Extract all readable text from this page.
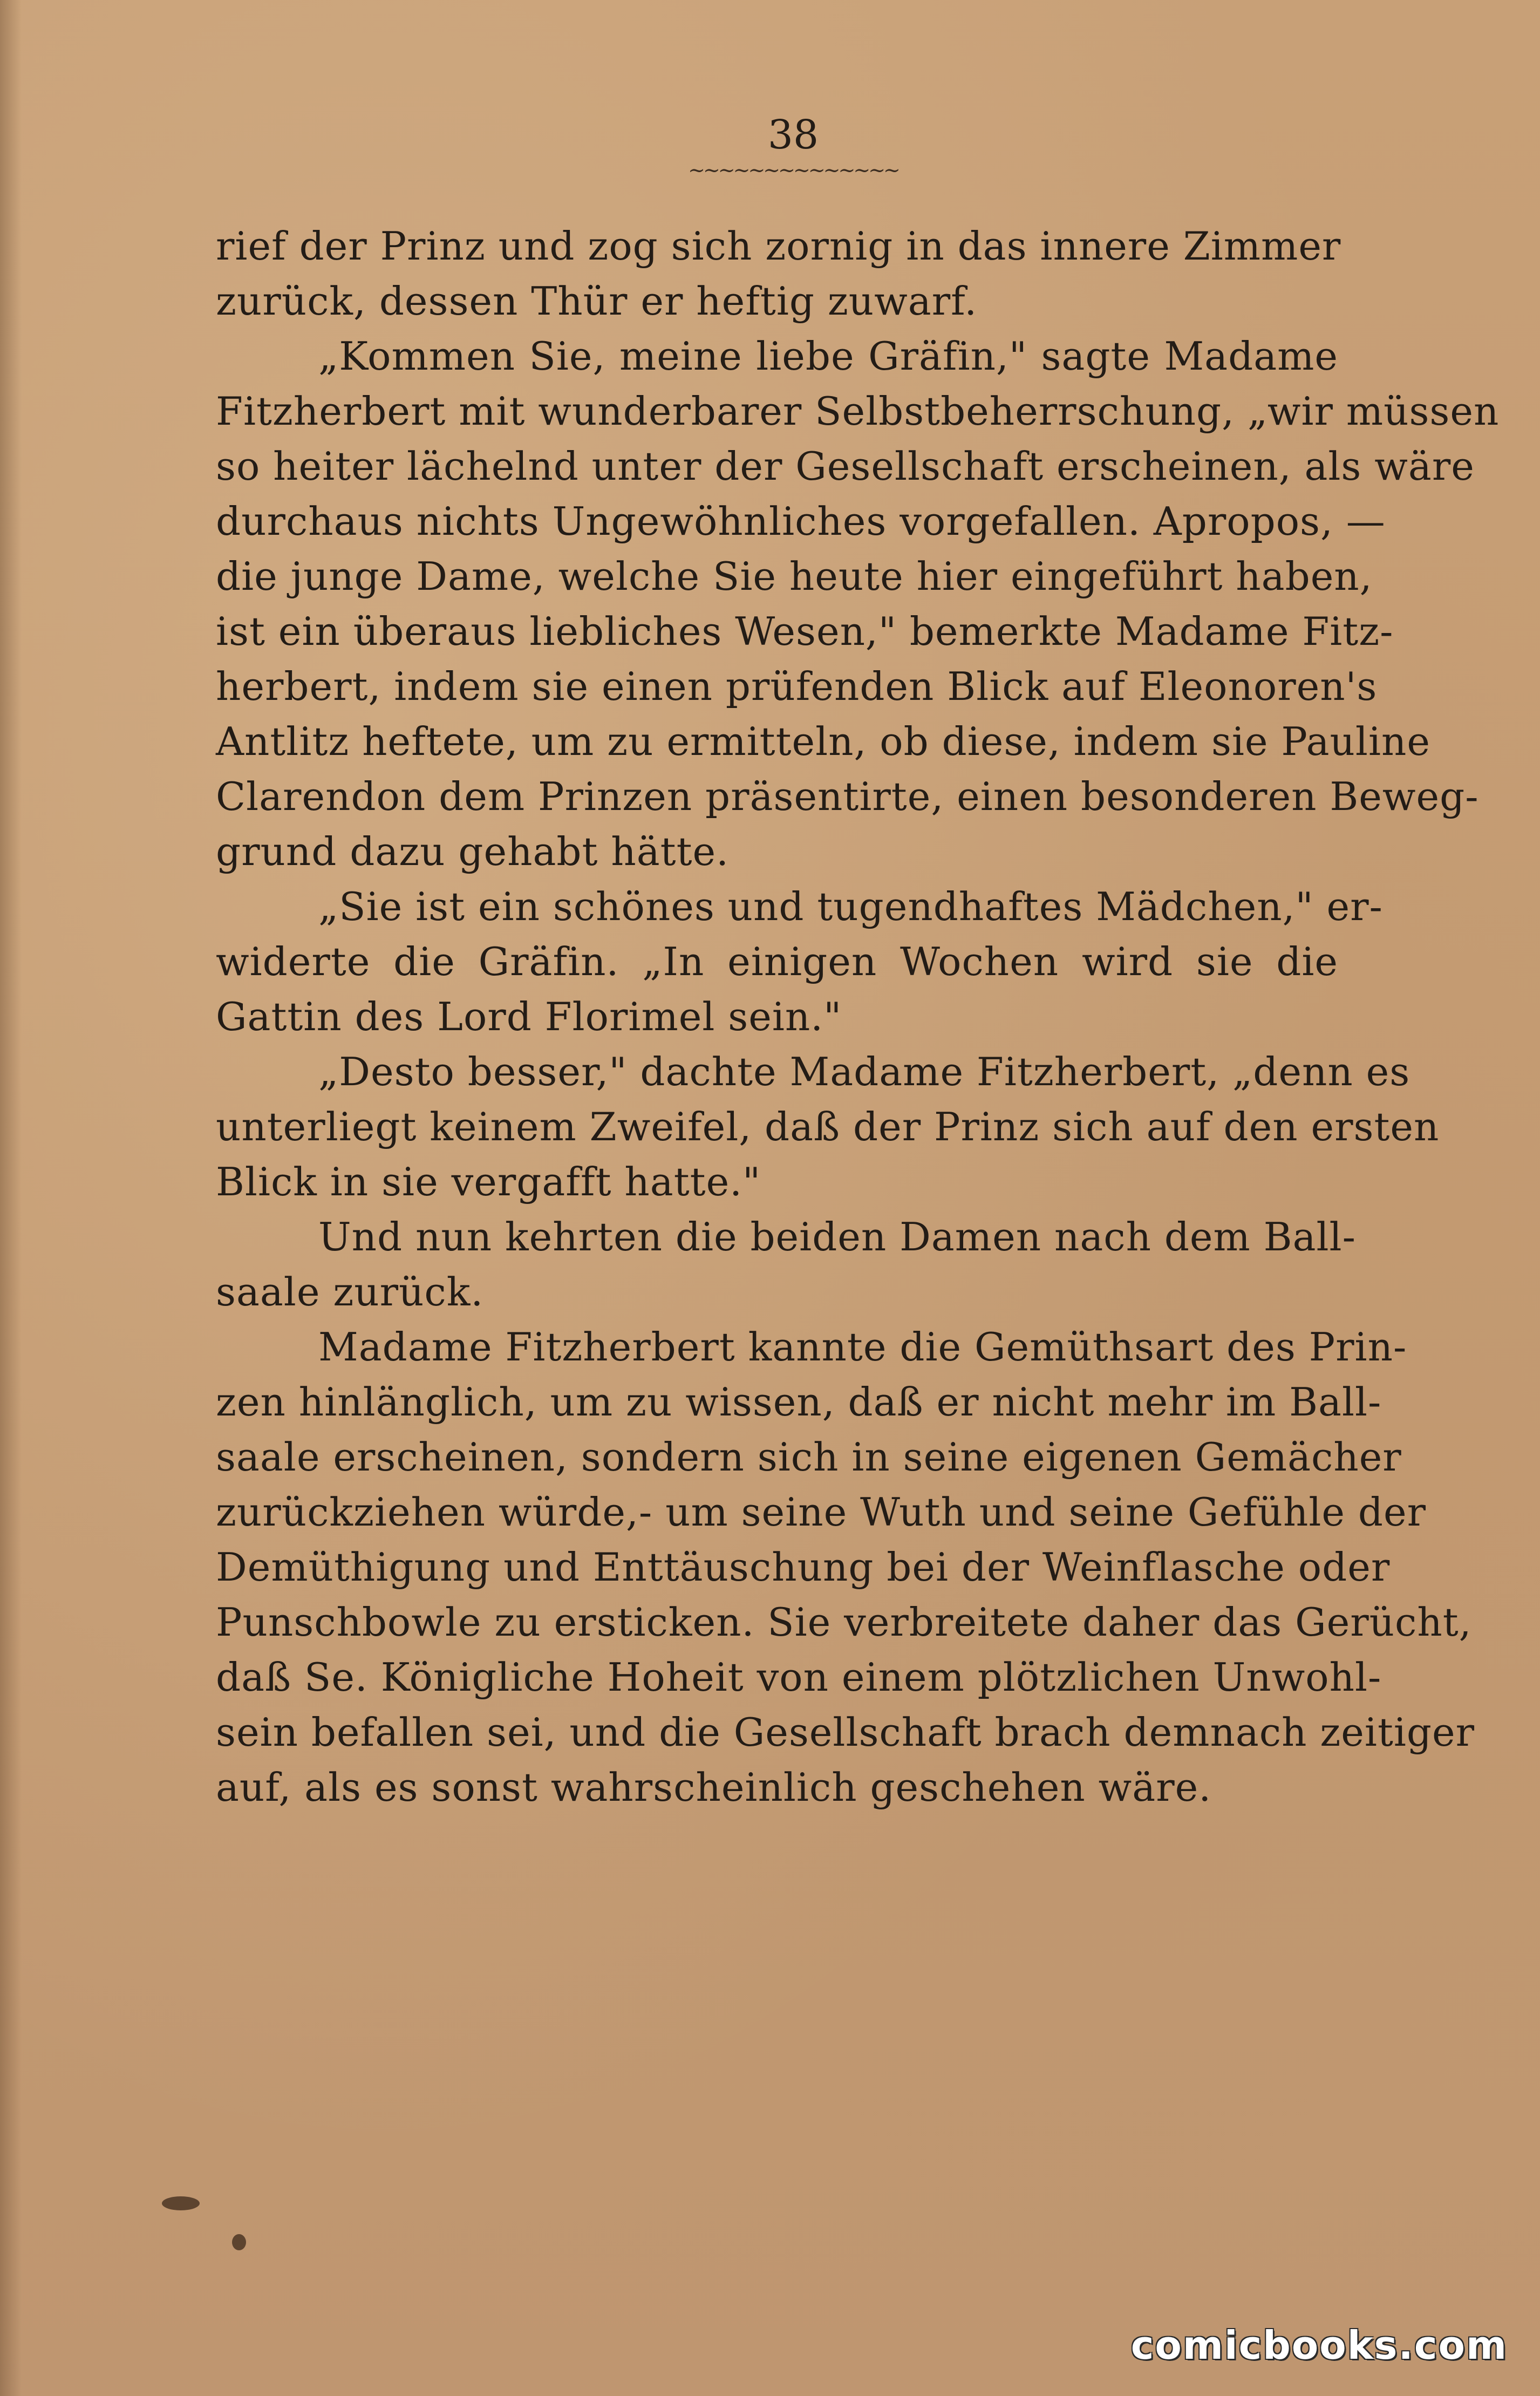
38
~~~~~~~~~~~~~~
rief der Prinz und zog sich zornig in das innere Zimmer
zurück, dessen Thür er heftig zuwarf.
„Kommen Sie, meine liebe Gräfin," sagte Madame
Fitzherbert mit wunderbarer Selbstbeherrschung, „wir müssen
so heiter lächelnd unter der Gesellschaft erscheinen, als wäre
durchaus nichts Ungewöhnliches vorgefallen. Apropos, —
die junge Dame, welche Sie heute hier eingeführt haben,
ist ein überaus liebliches Wesen," bemerkte Madame Fitz-
herbert, indem sie einen prüfenden Blick auf Eleonoren's
Antlitz heftete, um zu ermitteln, ob diese, indem sie Pauline
Clarendon dem Prinzen präsentirte, einen besonderen Beweg-
grund dazu gehabt hätte.
„Sie ist ein schönes und tugendhaftes Mädchen," er-
widerte die Gräfin. „In einigen Wochen wird sie die
Gattin des Lord Florimel sein."
„Desto besser," dachte Madame Fitzherbert, „denn es
unterliegt keinem Zweifel, daß der Prinz sich auf den ersten
Blick in sie vergafft hatte."
Und nun kehrten die beiden Damen nach dem Ball-
saale zurück.
Madame Fitzherbert kannte die Gemüthsart des Prin-
zen hinlänglich, um zu wissen, daß er nicht mehr im Ball-
saale erscheinen, sondern sich in seine eigenen Gemächer
zurückziehen würde,- um seine Wuth und seine Gefühle der
Demüthigung und Enttäuschung bei der Weinflasche oder
Punschbowle zu ersticken. Sie verbreitete daher das Gerücht,
daß Se. Königliche Hoheit von einem plötzlichen Unwohl-
sein befallen sei, und die Gesellschaft brach demnach zeitiger
auf, als es sonst wahrscheinlich geschehen wäre.
comicbooks.com
